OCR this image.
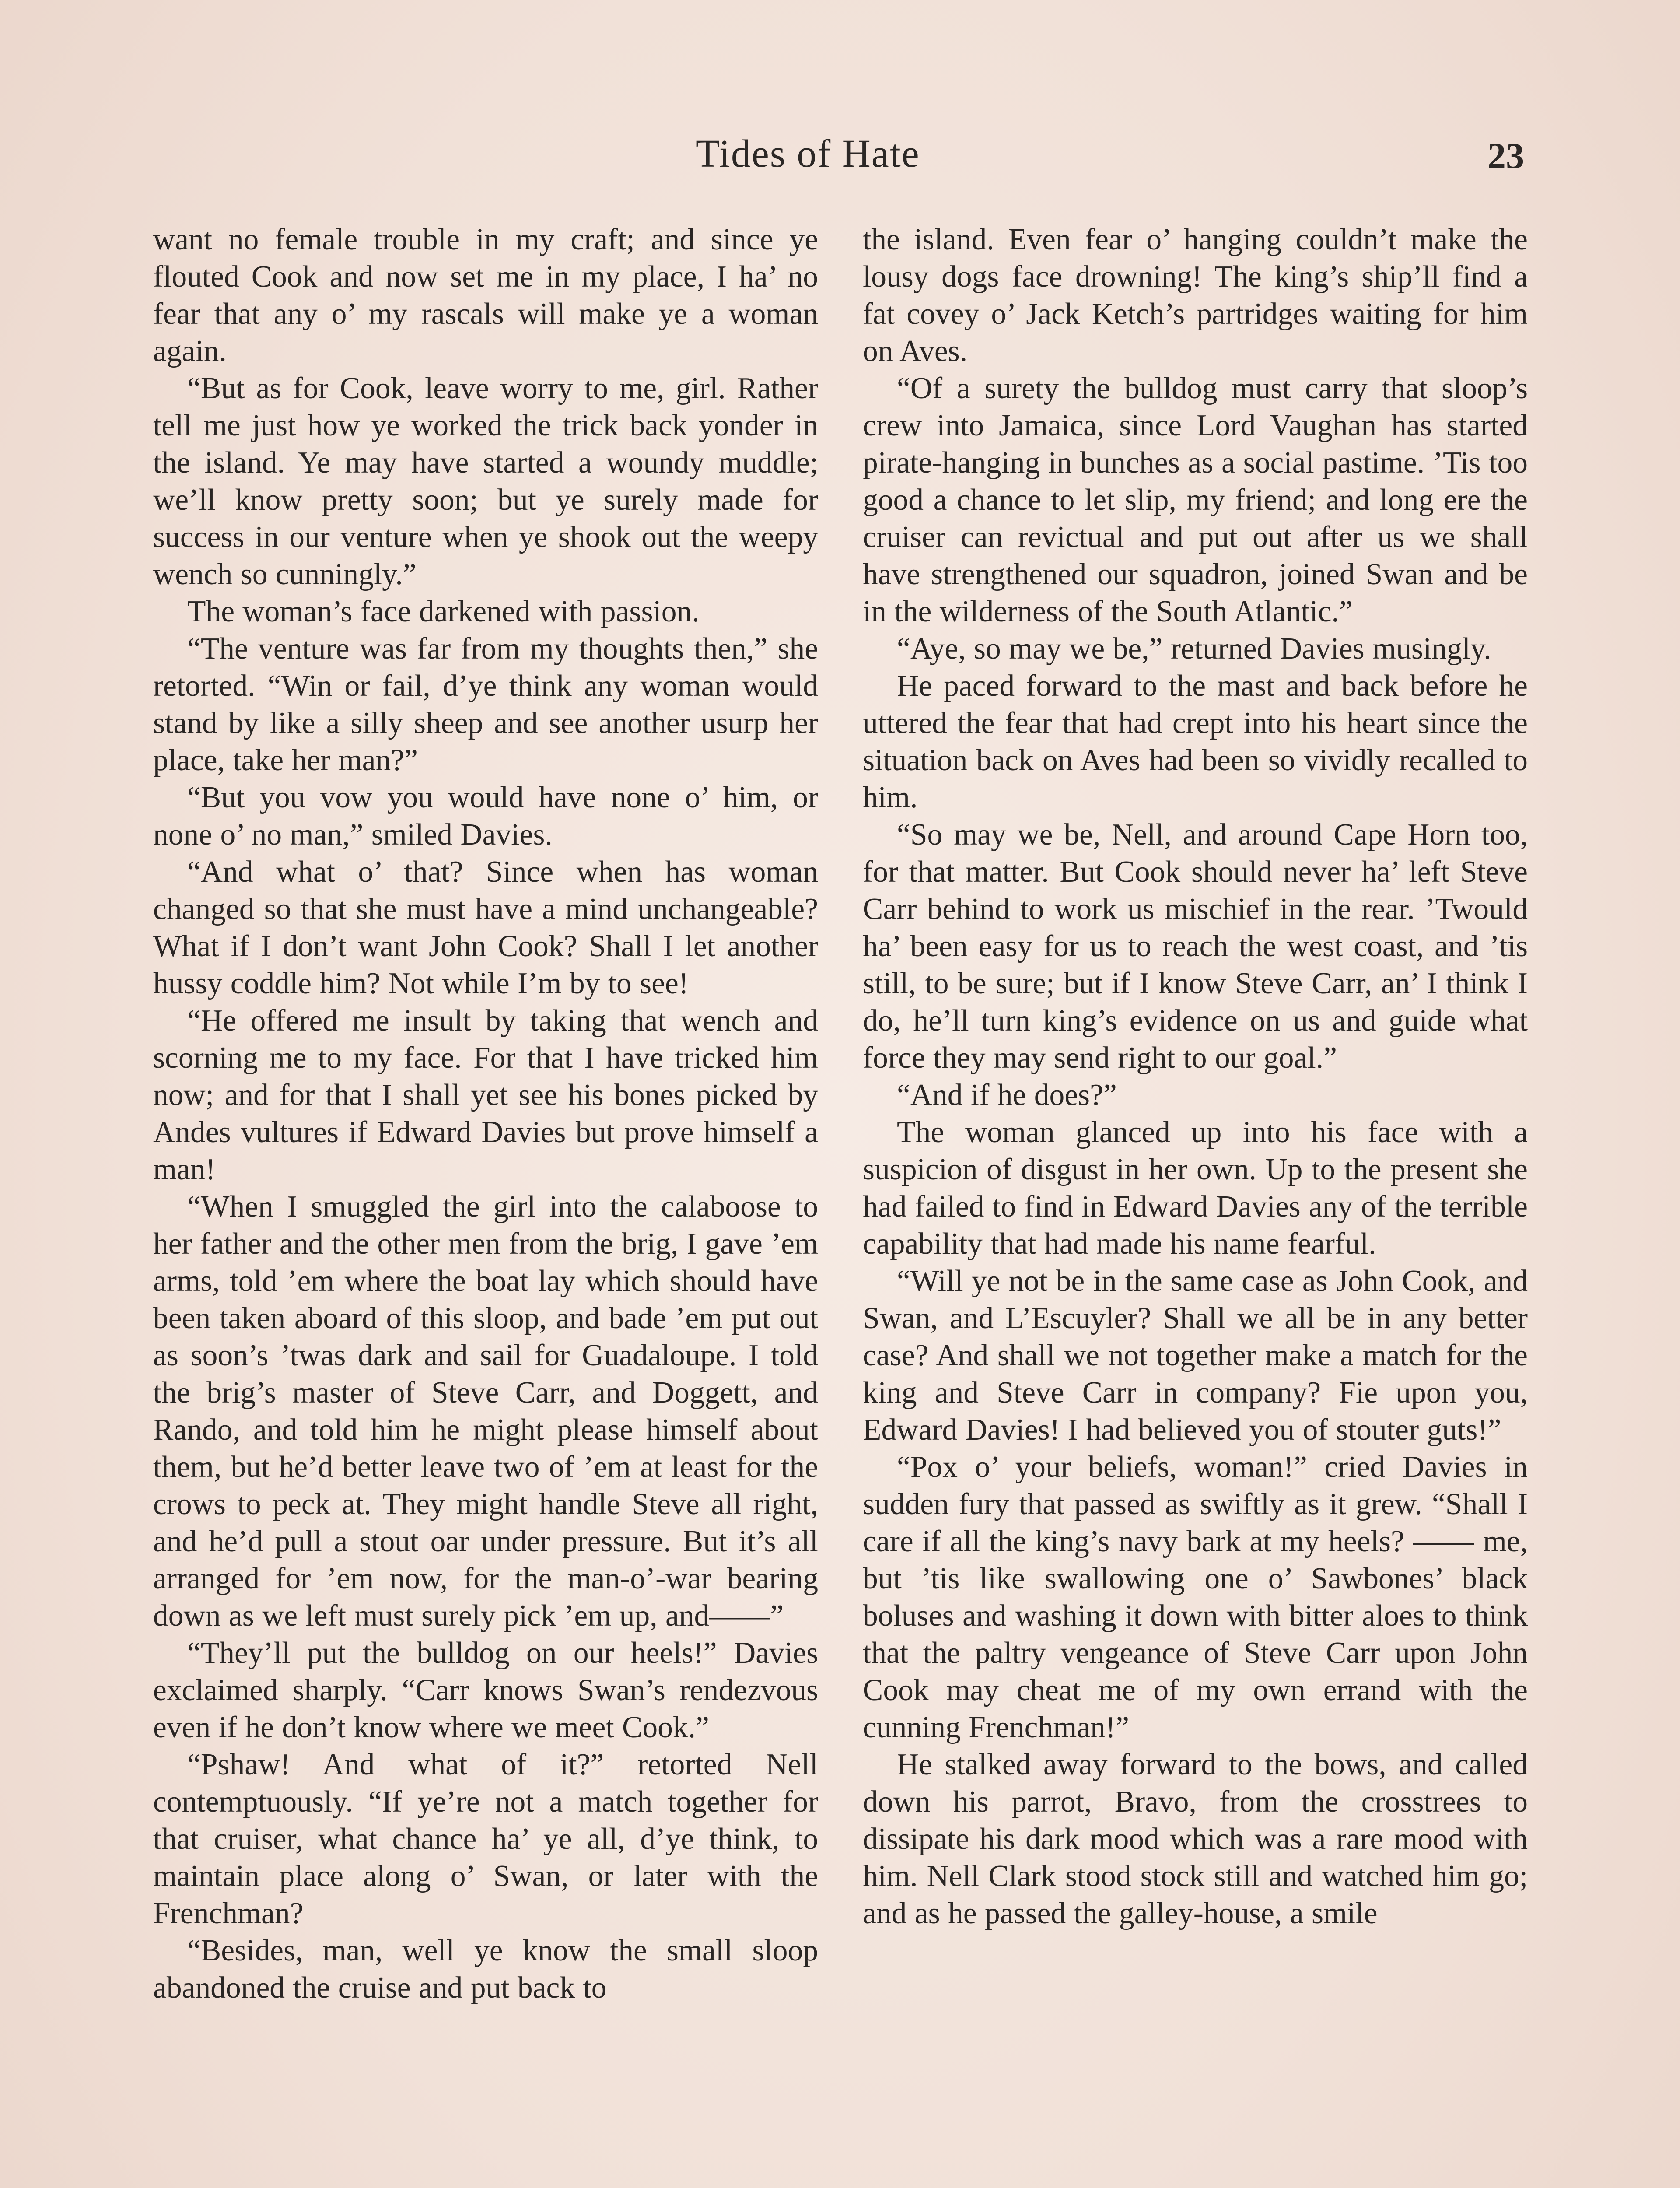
Tides of Hate	23

want no female trouble in my craft; and since ye flouted Cook and now set me in my place, I ha’ no fear that any o’ my rascals will make ye a woman again.

“But as for Cook, leave worry to me, girl. Rather tell me just how ye worked the trick back yonder in the island. Ye may have started a woundy muddle; we’ll know pretty soon; but ye surely made for success in our venture when ye shook out the weepy wench so cunningly.”

The woman’s face darkened with passion.

“The venture was far from my thoughts then,” she retorted. “Win or fail, d’ye think any woman would stand by like a silly sheep and see another usurp her place, take her man?”

“But you vow you would have none o’ him, or none o’ no man,” smiled Davies.

“And what o’ that? Since when has woman changed so that she must have a mind unchangeable? What if I don’t want John Cook? Shall I let another hussy coddle him? Not while I’m by to see!

“He offered me insult by taking that wench and scorning me to my face. For that I have tricked him now; and for that I shall yet see his bones picked by Andes vultures if Edward Davies but prove himself a man!

“When I smuggled the girl into the calaboose to her father and the other men from the brig, I gave ’em arms, told ’em where the boat lay which should have been taken aboard of this sloop, and bade ’em put out as soon’s ’twas dark and sail for Guadaloupe. I told the brig’s master of Steve Carr, and Doggett, and Rando, and told him he might please himself about them, but he’d better leave two of ’em at least for the crows to peck at. They might handle Steve all right, and he’d pull a stout oar under pressure. But it’s all arranged for ’em now, for the man-o’-war bearing down as we left must surely pick ’em up, and——”

“They’ll put the bulldog on our heels!” Davies exclaimed sharply. “Carr knows Swan’s rendezvous even if he don’t know where we meet Cook.”

“Pshaw! And what of it?” retorted Nell contemptuously. “If ye’re not a match together for that cruiser, what chance ha’ ye all, d’ye think, to maintain place along o’ Swan, or later with the Frenchman?

“Besides, man, well ye know the small sloop abandoned the cruise and put back to

the island. Even fear o’ hanging couldn’t make the lousy dogs face drowning! The king’s ship’ll find a fat covey o’ Jack Ketch’s partridges waiting for him on Aves.

“Of a surety the bulldog must carry that sloop’s crew into Jamaica, since Lord Vaughan has started pirate-hanging in bunches as a social pastime. ’Tis too good a chance to let slip, my friend; and long ere the cruiser can revictual and put out after us we shall have strengthened our squadron, joined Swan and be in the wilderness of the South Atlantic.”

“Aye, so may we be,” returned Davies musingly.

He paced forward to the mast and back before he uttered the fear that had crept into his heart since the situation back on Aves had been so vividly recalled to him.

“So may we be, Nell, and around Cape Horn too, for that matter. But Cook should never ha’ left Steve Carr behind to work us mischief in the rear. ’Twould ha’ been easy for us to reach the west coast, and ’tis still, to be sure; but if I know Steve Carr, an’ I think I do, he’ll turn king’s evidence on us and guide what force they may send right to our goal.”

“And if he does?”

The woman glanced up into his face with a suspicion of disgust in her own. Up to the present she had failed to find in Edward Davies any of the terrible capability that had made his name fearful.

“Will ye not be in the same case as John Cook, and Swan, and L’Escuyler? Shall we all be in any better case? And shall we not together make a match for the king and Steve Carr in company? Fie upon you, Edward Davies! I had believed you of stouter guts!”

“Pox o’ your beliefs, woman!” cried Davies in sudden fury that passed as swiftly as it grew. “Shall I care if all the king’s navy bark at my heels? —— me, but ’tis like swallowing one o’ Sawbones’ black boluses and washing it down with bitter aloes to think that the paltry vengeance of Steve Carr upon John Cook may cheat me of my own errand with the cunning Frenchman!”

He stalked away forward to the bows, and called down his parrot, Bravo, from the crosstrees to dissipate his dark mood which was a rare mood with him. Nell Clark stood stock still and watched him go; and as he passed the galley-house, a smile
